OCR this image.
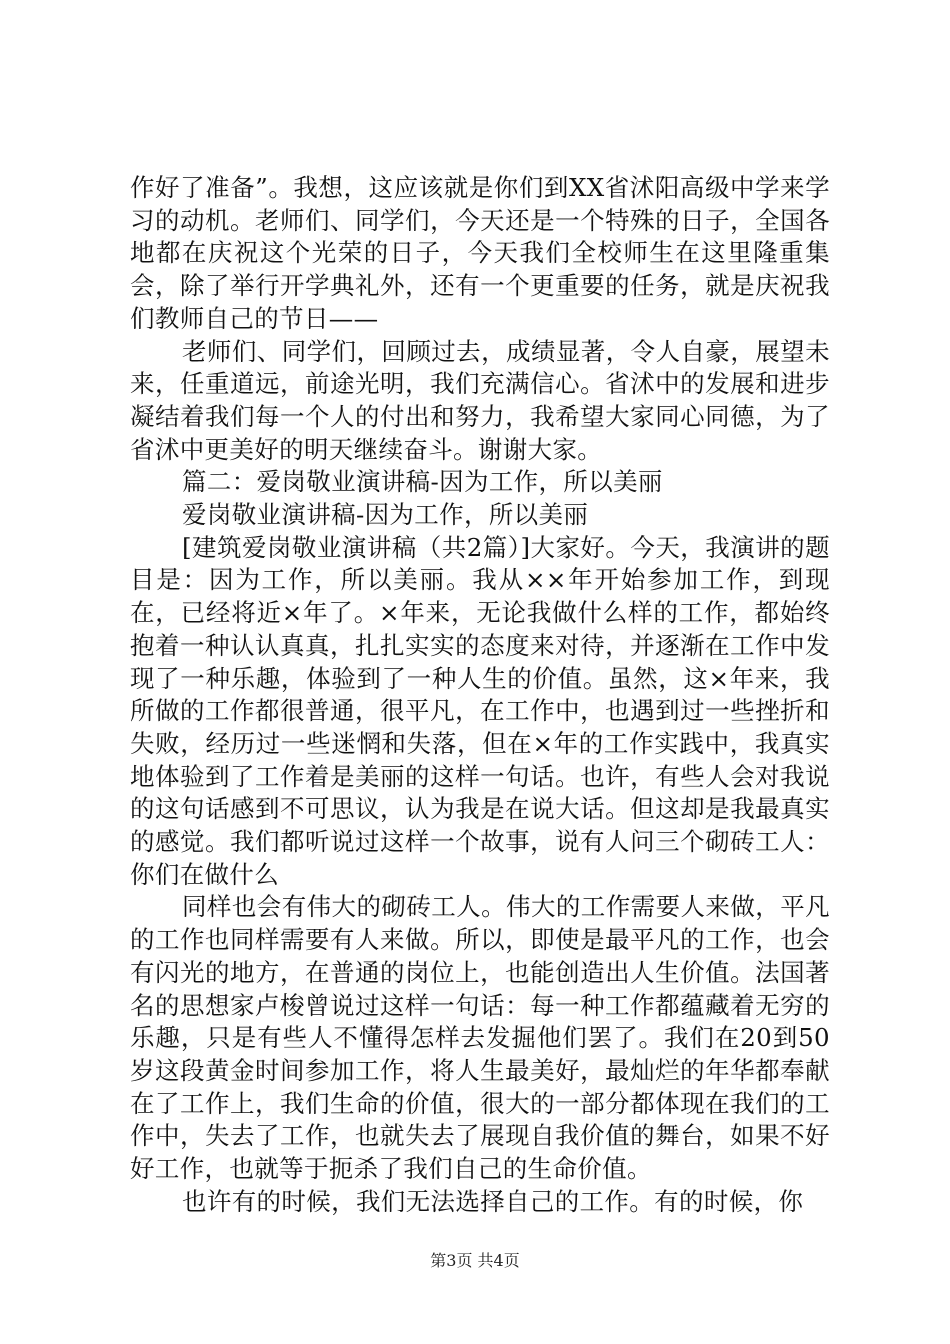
作好了准备”。我想，这应该就是你们到XX省沭阳高级中学来学习的动机。老师们、同学们，今天还是一个特殊的日子，全国各地都在庆祝这个光荣的日子，今天我们全校师生在这里隆重集会，除了举行开学典礼外，还有一个更重要的任务，就是庆祝我们教师自己的节日——

老师们、同学们，回顾过去，成绩显著，令人自豪，展望未来，任重道远，前途光明，我们充满信心。省沭中的发展和进步凝结着我们每一个人的付出和努力，我希望大家同心同德，为了省沭中更美好的明天继续奋斗。谢谢大家。

篇二：爱岗敬业演讲稿-因为工作，所以美丽

爱岗敬业演讲稿-因为工作，所以美丽

[建筑爱岗敬业演讲稿（共2篇）]大家好。今天，我演讲的题目是：因为工作，所以美丽。我从××年开始参加工作，到现在，已经将近×年了。×年来，无论我做什么样的工作，都始终抱着一种认认真真，扎扎实实的态度来对待，并逐渐在工作中发现了一种乐趣，体验到了一种人生的价值。虽然，这×年来，我所做的工作都很普通，很平凡，在工作中，也遇到过一些挫折和失败，经历过一些迷惘和失落，但在×年的工作实践中，我真实地体验到了工作着是美丽的这样一句话。也许，有些人会对我说的这句话感到不可思议，认为我是在说大话。但这却是我最真实的感觉。我们都听说过这样一个故事，说有人问三个砌砖工人：你们在做什么

同样也会有伟大的砌砖工人。伟大的工作需要人来做，平凡的工作也同样需要有人来做。所以，即使是最平凡的工作，也会有闪光的地方，在普通的岗位上，也能创造出人生价值。法国著名的思想家卢梭曾说过这样一句话：每一种工作都蕴藏着无穷的乐趣，只是有些人不懂得怎样去发掘他们罢了。我们在20到50岁这段黄金时间参加工作，将人生最美好，最灿烂的年华都奉献在了工作上，我们生命的价值，很大的一部分都体现在我们的工作中，失去了工作，也就失去了展现自我价值的舞台，如果不好好工作，也就等于扼杀了我们自己的生命价值。

也许有的时候，我们无法选择自己的工作。有的时候，你

第3页 共4页
